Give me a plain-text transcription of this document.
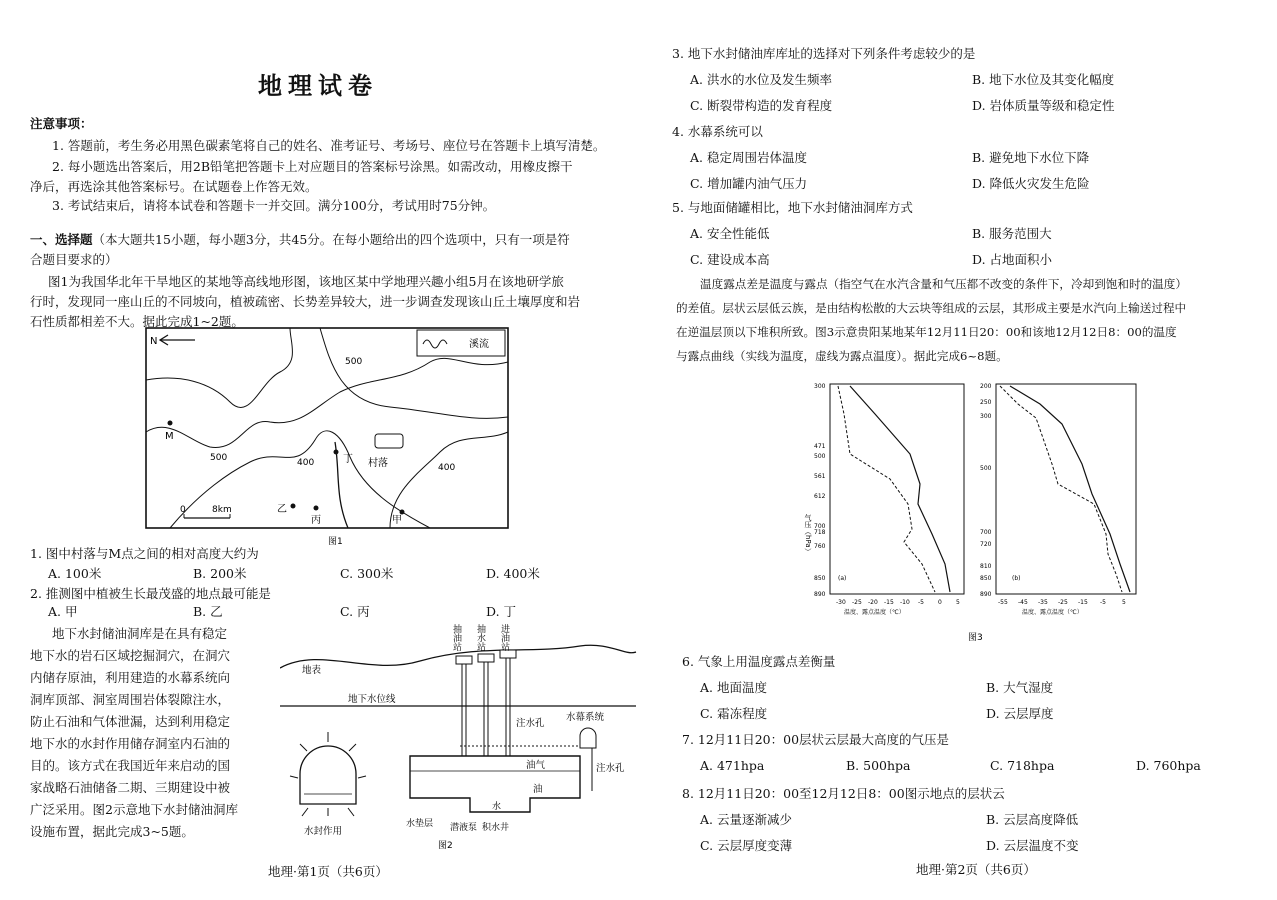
地理试卷
注意事项：
1. 答题前，考生务必用黑色碳素笔将自己的姓名、准考证号、考场号、座位号在答题卡上填写清楚。
2. 每小题选出答案后，用2B铅笔把答题卡上对应题目的答案标号涂黑。如需改动，用橡皮擦干
净后，再选涂其他答案标号。在试题卷上作答无效。
3. 考试结束后，请将本试卷和答题卡一并交回。满分100分，考试用时75分钟。
一、选择题（本大题共15小题，每小题3分，共45分。在每小题给出的四个选项中，只有一项是符
合题目要求的）
图1为我国华北年干旱地区的某地等高线地形图，该地区某中学地理兴趣小组5月在该地研学旅
行时，发现同一座山丘的不同坡向，植被疏密、长势差异较大，进一步调查发现该山丘土壤厚度和岩
石性质都相差不大。据此完成1~2题。
N	溪流
500
500	400	400
M
丁 村落
乙
丙	甲
0	8km
图1
1. 图中村落与M点之间的相对高度大约为
A. 100米	B. 200米	C. 300米	D. 400米
2. 推测图中植被生长最茂盛的地点最可能是
A. 甲	B. 乙	C. 丙	D. 丁
地下水封储油洞库是在具有稳定
地下水的岩石区域挖掘洞穴，在洞穴
内储存原油，利用建造的水幕系统向
洞库顶部、洞室周围岩体裂隙注水，
防止石油和气体泄漏，达到利用稳定
地下水的水封作用储存洞室内石油的
目的。该方式在我国近年来启动的国
家战略石油储备二期、三期建设中被
广泛采用。图2示意地下水封储油洞库
设施布置，据此完成3~5题。
地表
地下水位线
抽油站 抽水站 进油站
注水孔
水幕系统
注水孔
油气
油
水垫层 潜液泵
水
积水井
水封作用
图2
地理·第1页（共6页）
3. 地下水封储油库库址的选择对下列条件考虑较少的是
A. 洪水的水位及发生频率	B. 地下水位及其变化幅度
C. 断裂带构造的发育程度	D. 岩体质量等级和稳定性
4. 水幕系统可以
A. 稳定周围岩体温度	B. 避免地下水位下降
C. 增加罐内油气压力	D. 降低火灾发生危险
5. 与地面储罐相比，地下水封储油洞库方式
A. 安全性能低	B. 服务范围大
C. 建设成本高	D. 占地面积小
温度露点差是温度与露点（指空气在水汽含量和气压都不改变的条件下，冷却到饱和时的温度）
的差值。层状云层低云族，是由结构松散的大云块等组成的云层，其形成主要是水汽向上输送过程中
在逆温层顶以下堆积所致。图3示意贵阳某地某年12月11日20：00和该地12月12日8：00的温度
与露点曲线（实线为温度，虚线为露点温度）。据此完成6~8题。
气压（hPa）
300
471
500
561
612
700
718
760
850
890
-30 -25 -20 -15 -10 -5 0 5
(a)
200
250
300
500
700
720
810
850
890
-55 -45 -35 -25 -15 -5	5
(b)
温度、露点温度（℃）	温度、露点温度（℃）
图3
6. 气象上用温度露点差衡量
A. 地面温度	B. 大气湿度
C. 霜冻程度	D. 云层厚度
7. 12月11日20：00层状云层最大高度的气压是
A. 471hpa	B. 500hpa	C. 718hpa	D. 760hpa
8. 12月11日20：00至12月12日8：00图示地点的层状云
A. 云量逐渐减少	B. 云层高度降低
C. 云层厚度变薄	D. 云层温度不变
地理·第2页（共6页）
